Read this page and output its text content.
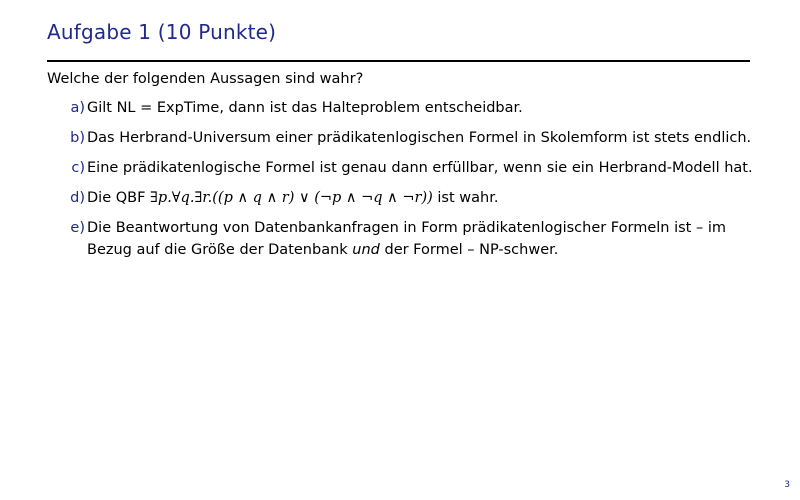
Aufgabe 1 (10 Punkte)
Welche der folgenden Aussagen sind wahr?
a) Gilt NL = ExpTime, dann ist das Halteproblem entscheidbar.
b) Das Herbrand-Universum einer prädikatenlogischen Formel in Skolemform ist stets endlich.
c) Eine prädikatenlogische Formel ist genau dann erfüllbar, wenn sie ein Herbrand-Modell hat.
d) Die QBF ∃p.∀q.∃r.((p ∧ q ∧ r) ∨ (¬p ∧ ¬q ∧ ¬r)) ist wahr.
e) Die Beantwortung von Datenbankanfragen in Form prädikatenlogischer Formeln ist – im Bezug auf die Größe der Datenbank und der Formel – NP-schwer.
3
